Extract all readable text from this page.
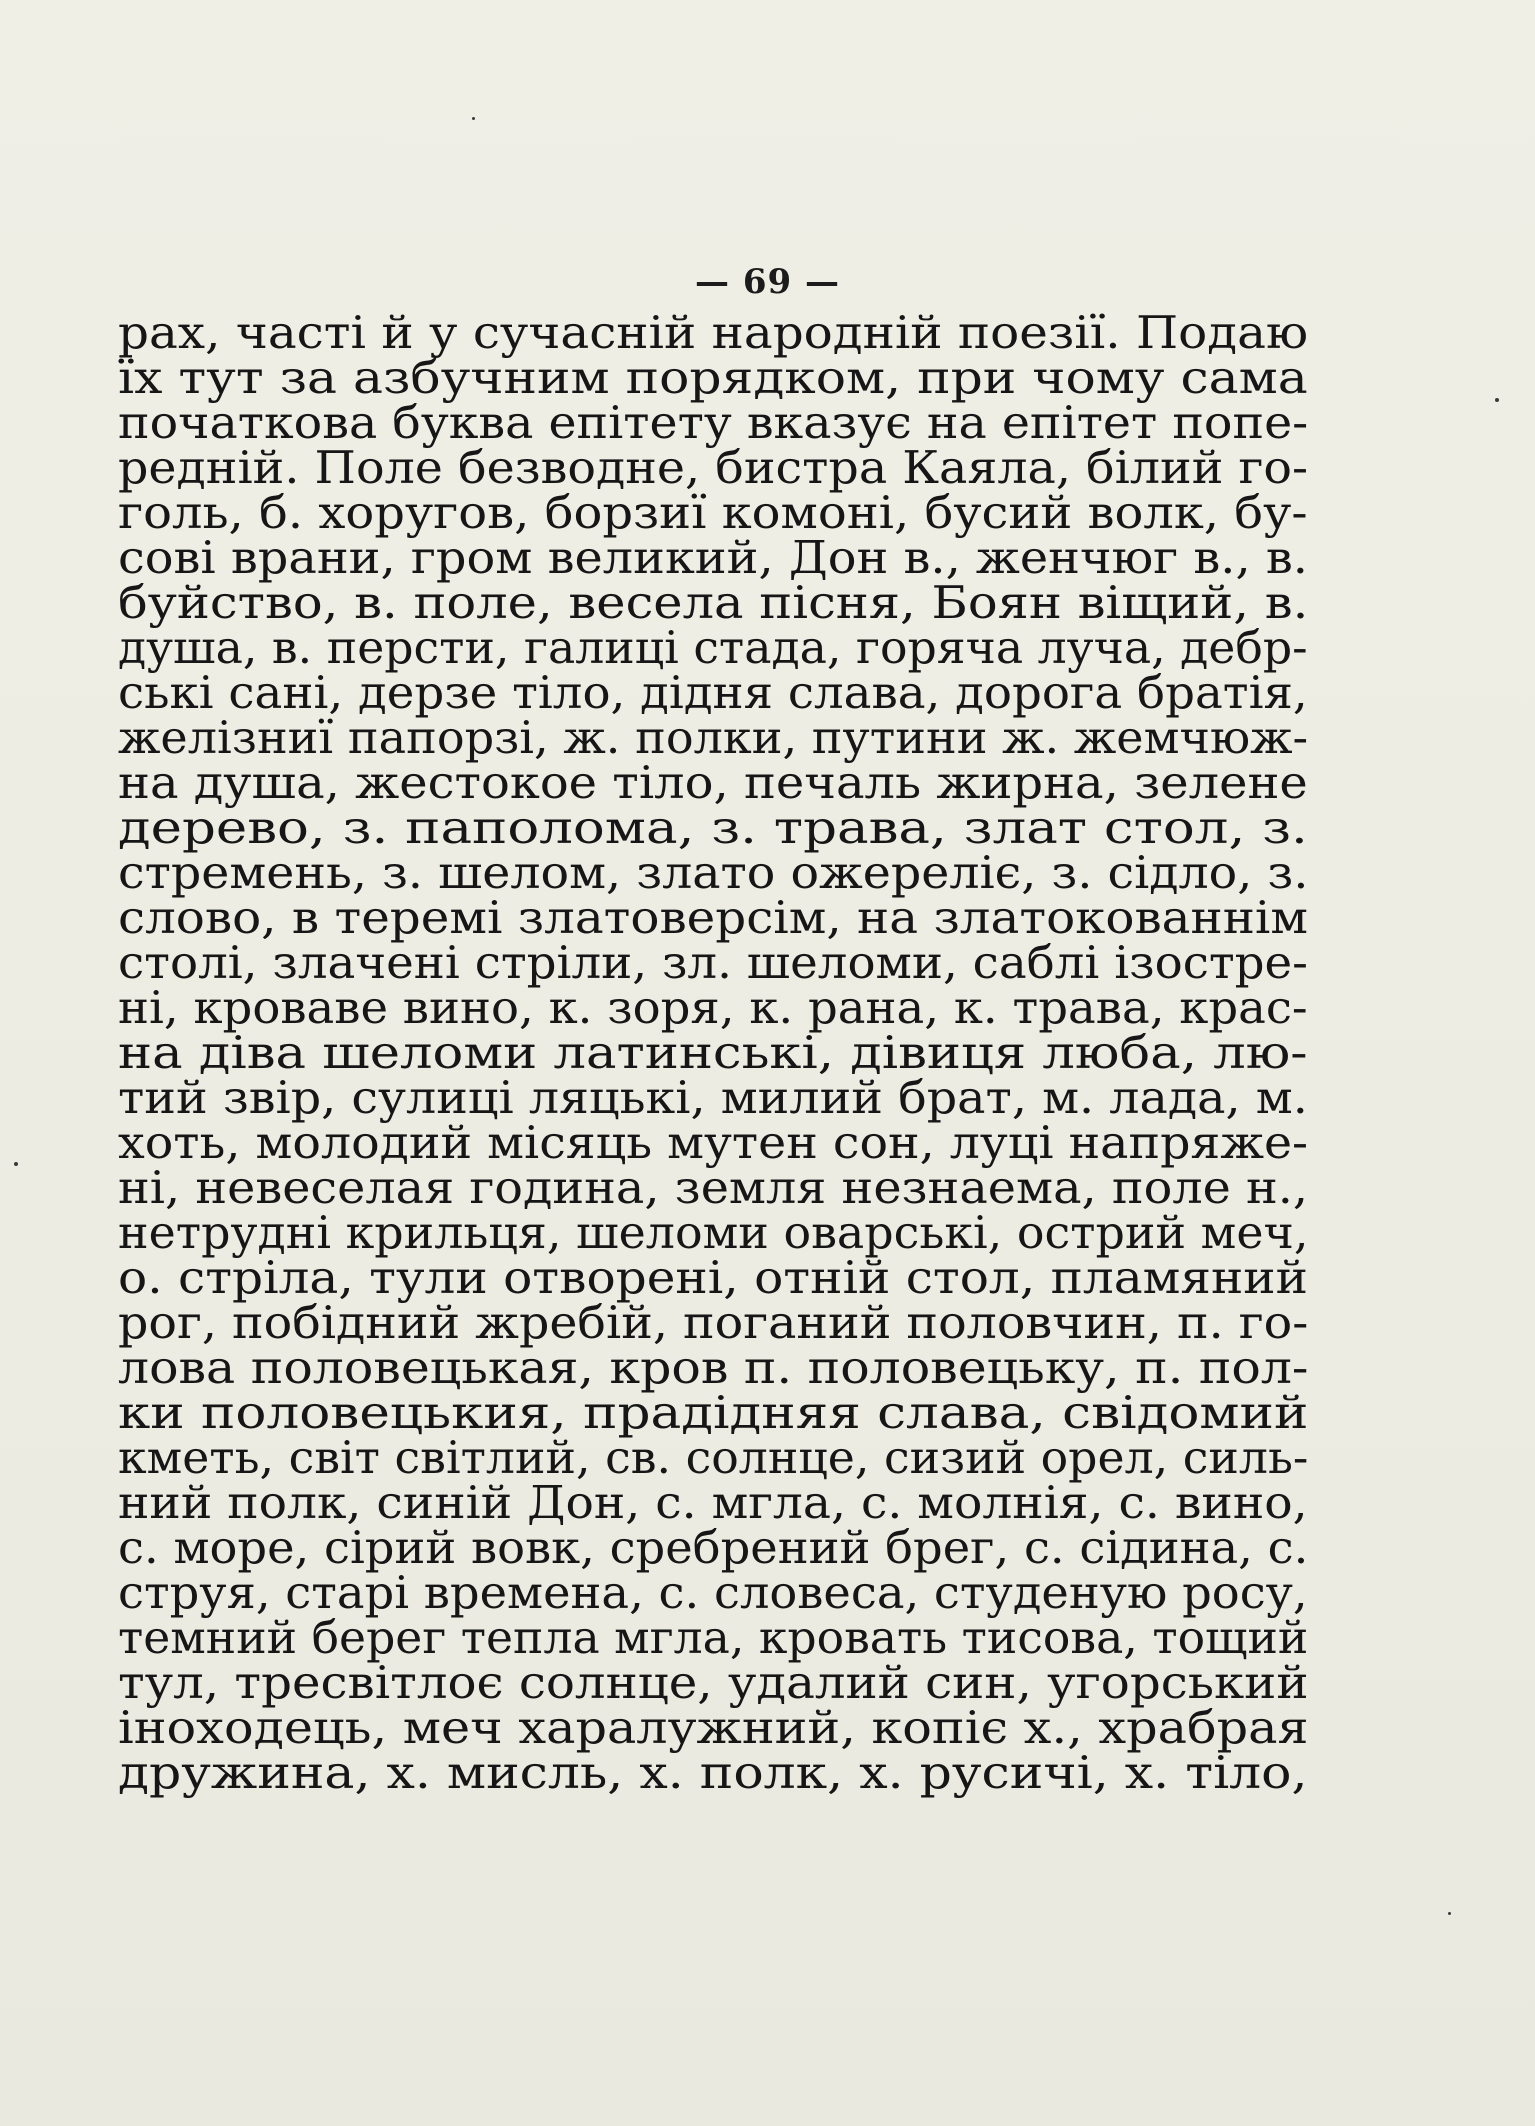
— 69 —
рах, часті й у сучасній народній поезії. Подаю
їх тут за азбучним порядком, при чому сама
початкова буква епітету вказує на епітет попе-
редній. Поле безводне, бистра Каяла, білий го-
голь, б. хоругов, борзиї комоні, бусий волк, бу-
сові врани, гром великий, Дон в., женчюг в., в.
буйство, в. поле, весела пісня, Боян віщий, в.
душа, в. персти, галиці стада, горяча луча, дебр-
ські сані, дерзе тіло, дідня слава, дорога братія,
желізниї папорзі, ж. полки, путини ж. жемчюж-
на душа, жестокое тіло, печаль жирна, зелене
дерево, з. паполома, з. трава, злат стол, з.
стремень, з. шелом, злато ожереліє, з. сідло, з.
слово, в теремі златоверсім, на златокованнім
столі, злачені стріли, зл. шеломи, саблі ізостре-
ні, кроваве вино, к. зоря, к. рана, к. трава, крас-
на діва шеломи латинські, дівиця люба, лю-
тий звір, сулиці ляцькі, милий брат, м. лада, м.
хоть, молодий місяць мутен сон, луці напряже-
ні, невеселая година, земля незнаема, поле н.,
нетрудні крильця, шеломи оварські, острий меч,
о. стріла, тули отворені, отній стол, пламяний
рог, побідний жребій, поганий половчин, п. го-
лова половецькая, кров п. половецьку, п. пол-
ки половецькия, прадідняя слава, свідомий
кметь, світ світлий, св. солнце, сизий орел, силь-
ний полк, синій Дон, с. мгла, с. молнія, с. вино,
с. море, сірий вовк, сребрений брег, с. сідина, с.
струя, старі времена, с. словеса, студеную росу,
темний берег тепла мгла, кровать тисова, тощий
тул, тресвітлоє солнце, удалий син, угорський
іноходець, меч харалужний, копіє х., храбрая
дружина, х. мисль, х. полк, х. русичі, х. тіло,
